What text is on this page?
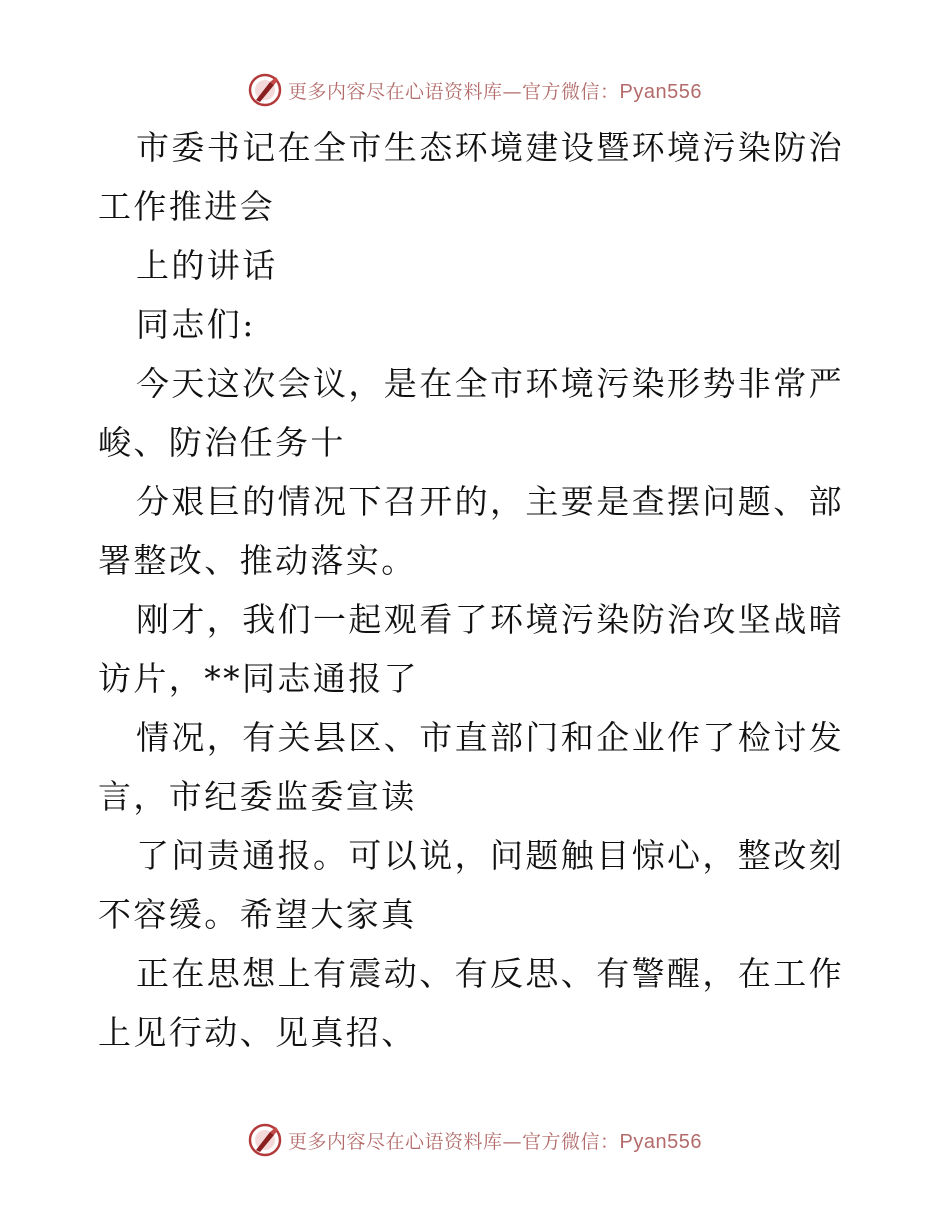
更多内容尽在心语资料库—官方微信：Pyan556

市委书记在全市生态环境建设暨环境污染防治工作推进会

上的讲话

同志们:

今天这次会议，是在全市环境污染形势非常严峻、防治任务十

分艰巨的情况下召开的，主要是查摆问题、部署整改、推动落实。

刚才，我们一起观看了环境污染防治攻坚战暗访片，**同志通报了

情况，有关县区、市直部门和企业作了检讨发言，市纪委监委宣读

了问责通报。可以说，问题触目惊心，整改刻不容缓。希望大家真

正在思想上有震动、有反思、有警醒，在工作上见行动、见真招、

更多内容尽在心语资料库—官方微信：Pyan556
